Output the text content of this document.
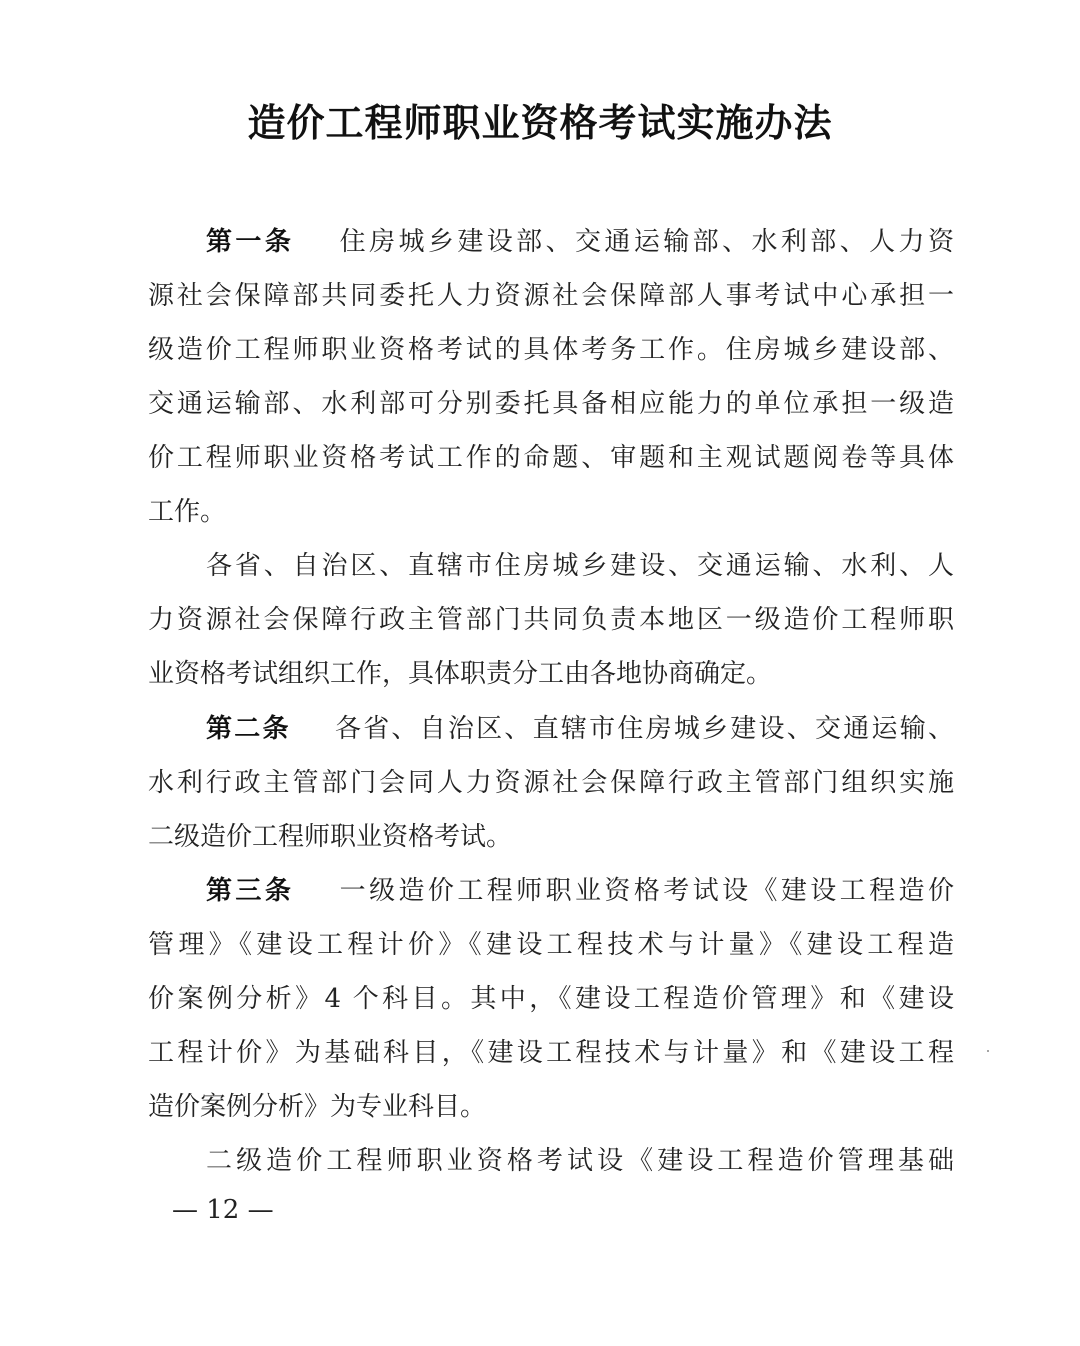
造价工程师职业资格考试实施办法
第一条 住房城乡建设部、交通运输部、水利部、人力资
源社会保障部共同委托人力资源社会保障部人事考试中心承担一
级造价工程师职业资格考试的具体考务工作。住房城乡建设部、
交通运输部、水利部可分别委托具备相应能力的单位承担一级造
价工程师职业资格考试工作的命题、审题和主观试题阅卷等具体
工作。
各省、自治区、直辖市住房城乡建设、交通运输、水利、人
力资源社会保障行政主管部门共同负责本地区一级造价工程师职
业资格考试组织工作，具体职责分工由各地协商确定。
第二条 各省、自治区、直辖市住房城乡建设、交通运输、
水利行政主管部门会同人力资源社会保障行政主管部门组织实施
二级造价工程师职业资格考试。
第三条 一级造价工程师职业资格考试设《建设工程造价
管理》《建设工程计价》《建设工程技术与计量》《建设工程造
价案例分析》4 个科目。其中，《建设工程造价管理》和《建设
工程计价》为基础科目，《建设工程技术与计量》和《建设工程
造价案例分析》为专业科目。
二级造价工程师职业资格考试设《建设工程造价管理基础
— 12 —
